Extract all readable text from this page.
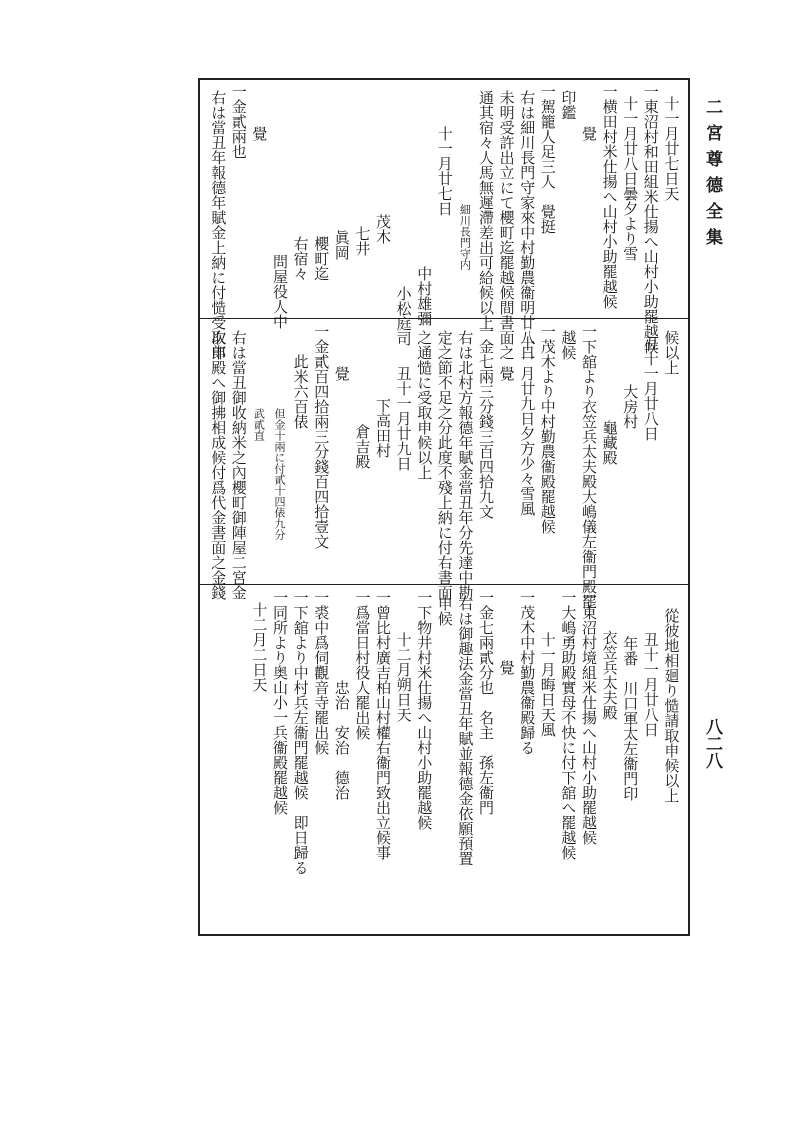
二宮尊德全集
八二八
十一月廿七日天
一東沼村和田組米仕揚へ山村小助罷越候
十一月廿八日曇夕より雪
一横田村米仕揚へ山村小助罷越候
覺
印鑑
一駕籠人足三人　覺挺
右は細川長門守家來中村勤農衞明廿八日
未明受許出立にて櫻町迄罷越候間書面之
通其宿々人馬無遲滯差出可給候以上
細川長門守内
十一月廿七日
中村雄彌
小松庭司
茂木
七井
眞岡
櫻町迄
右宿々
問屋役人中
覺
一金貳兩也
右は當丑年報德年賦金上納に付慥受取申	候以上
丑十一月廿八日
大房村
龜藏殿
一下舘より衣笠兵太夫殿大嶋儀左衞門殿罷
越候
一茂木より中村勤農衞殿罷越候
十一月廿九日夕方少々雪風
覺
一金七兩三分錢三百四拾九文
右は北村方報德年賦金當丑年分先達中勘
定之節不足之分此度不殘上納に付右書面
之通慥に受取申候以上
丑十一月廿九日
下高田村
倉吉殿
覺
一金貳百四拾兩三分錢百四拾壹文
此米六百俵
但金十兩に付貳十四俵九分
武貳直
右は當丑御收納米之內櫻町御陣屋二宮金
次郎殿へ御拂相成候付爲代金書面之金錢
從彼地相廻り慥請取申候以上
丑十一月廿八日
年番　川口軍太左衞門印
衣笠兵太夫殿
一東沼村境組米仕揚へ山村小助罷越候
一大嶋勇助殿實母不快に付下舘へ罷越候
十一月晦日天風
一茂木中村勤農衞殿歸る
覺
一金七兩貳分也　名主　孫左衞門
右は御趣法金當丑年賦並報德金依願預置
申候
一下物井村米仕揚へ山村小助罷越候
十二月朔日天
一曾比村廣吉柏山村權右衞門致出立候事
一爲當日村役人罷出候
忠治　安治　德治
一裘中爲伺觀音寺罷出候
一下舘より中村兵左衞門罷越候　即日歸る
一同所より奥山小一兵衞殿罷越候
十二月二日天
